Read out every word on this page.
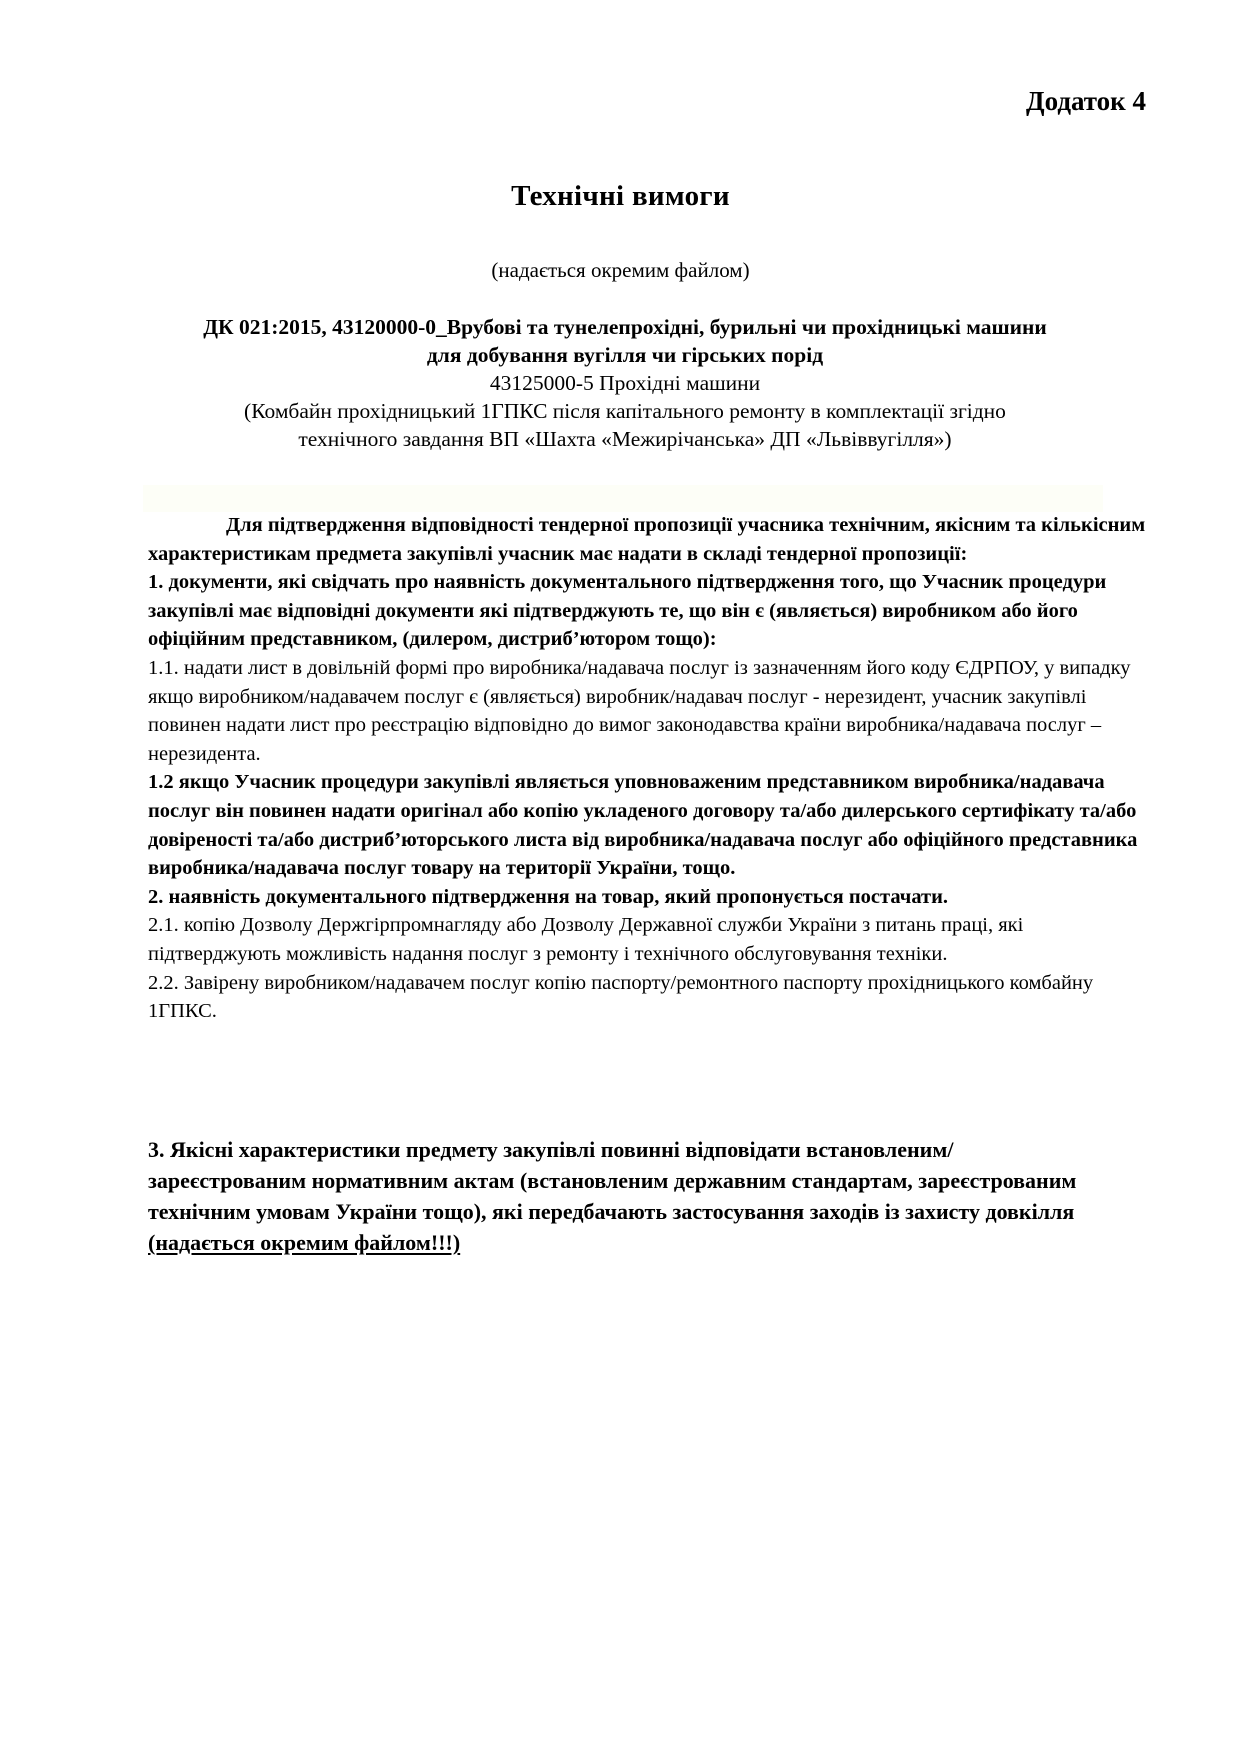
Додаток 4
Технічні вимоги
(надається окремим файлом)
ДК 021:2015, 43120000-0_Врубові та тунелепрохідні, бурильні чи прохідницькі машини
для добування вугілля чи гірських порід
43125000-5 Прохідні машини
(Комбайн прохідницький 1ГПКС після капітального ремонту в комплектації згідно
технічного завдання ВП «Шахта «Межирічанська» ДП «Львіввугілля»)

Для підтвердження відповідності тендерної пропозиції учасника технічним, якісним та кількісним характеристикам предмета закупівлі учасник має надати в складі тендерної пропозиції:

1. документи, які свідчать про наявність документального підтвердження того, що Учасник процедури закупівлі має відповідні документи які підтверджують те, що він є (являється) виробником або його офіційним представником, (дилером, дистриб’ютором тощо):

1.1. надати лист в довільній формі про виробника/надавача послуг із зазначенням його коду ЄДРПОУ, у випадку якщо виробником/надавачем послуг є (являється) виробник/надавач послуг - нерезидент, учасник закупівлі повинен надати лист про реєстрацію відповідно до вимог законодавства країни виробника/надавача послуг – нерезидента.

1.2 якщо Учасник процедури закупівлі являється уповноваженим представником виробника/надавача послуг він повинен надати оригінал або копію укладеного договору та/або дилерського сертифікату та/або довіреності та/або дистриб’юторського листа від виробника/надавача послуг або офіційного представника виробника/надавача послуг товару на території України, тощо.

2. наявність документального підтвердження на товар, який пропонується постачати.

2.1. копію Дозволу Держгірпромнагляду або Дозволу Державної служби України з питань праці, які підтверджують можливість надання послуг з ремонту і технічного обслуговування техніки.

2.2. Завірену виробником/надавачем послуг копію паспорту/ремонтного паспорту прохідницького комбайну 1ГПКС.

3. Якісні характеристики предмету закупівлі повинні відповідати встановленим/зареєстрованим нормативним актам (встановленим державним стандартам, зареєстрованим технічним умовам України тощо), які передбачають застосування заходів із захисту довкілля (надається окремим файлом!!!)
